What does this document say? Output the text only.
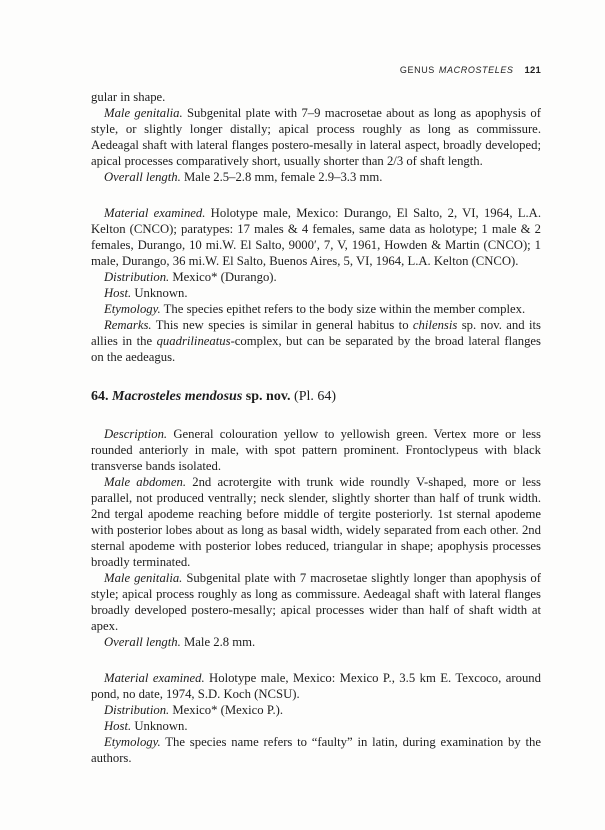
GENUS MACROSTELES 121

gular in shape.

Male genitalia. Subgenital plate with 7–9 macrosetae about as long as apophysis of style, or slightly longer distally; apical process roughly as long as commissure. Aedeagal shaft with lateral flanges postero-mesally in lateral aspect, broadly developed; apical processes comparatively short, usually shorter than 2/3 of shaft length.

Overall length. Male 2.5–2.8 mm, female 2.9–3.3 mm.

Material examined. Holotype male, Mexico: Durango, El Salto, 2, VI, 1964, L.A. Kelton (CNCO); paratypes: 17 males & 4 females, same data as holotype; 1 male & 2 females, Durango, 10 mi.W. El Salto, 9000′, 7, V, 1961, Howden & Martin (CNCO); 1 male, Durango, 36 mi.W. El Salto, Buenos Aires, 5, VI, 1964, L.A. Kelton (CNCO).

Distribution. Mexico* (Durango).

Host. Unknown.

Etymology. The species epithet refers to the body size within the member complex.

Remarks. This new species is similar in general habitus to chilensis sp. nov. and its allies in the quadrilineatus-complex, but can be separated by the broad lateral flanges on the aedeagus.

64. Macrosteles mendosus sp. nov. (Pl. 64)

Description. General colouration yellow to yellowish green. Vertex more or less rounded anteriorly in male, with spot pattern prominent. Frontoclypeus with black transverse bands isolated.

Male abdomen. 2nd acrotergite with trunk wide roundly V-shaped, more or less parallel, not produced ventrally; neck slender, slightly shorter than half of trunk width. 2nd tergal apodeme reaching before middle of tergite posteriorly. 1st sternal apodeme with posterior lobes about as long as basal width, widely separated from each other. 2nd sternal apodeme with posterior lobes reduced, triangular in shape; apophysis processes broadly terminated.

Male genitalia. Subgenital plate with 7 macrosetae slightly longer than apophysis of style; apical process roughly as long as commissure. Aedeagal shaft with lateral flanges broadly developed postero-mesally; apical processes wider than half of shaft width at apex.

Overall length. Male 2.8 mm.

Material examined. Holotype male, Mexico: Mexico P., 3.5 km E. Texcoco, around pond, no date, 1974, S.D. Koch (NCSU).

Distribution. Mexico* (Mexico P.).

Host. Unknown.

Etymology. The species name refers to “faulty” in latin, during examination by the authors.
